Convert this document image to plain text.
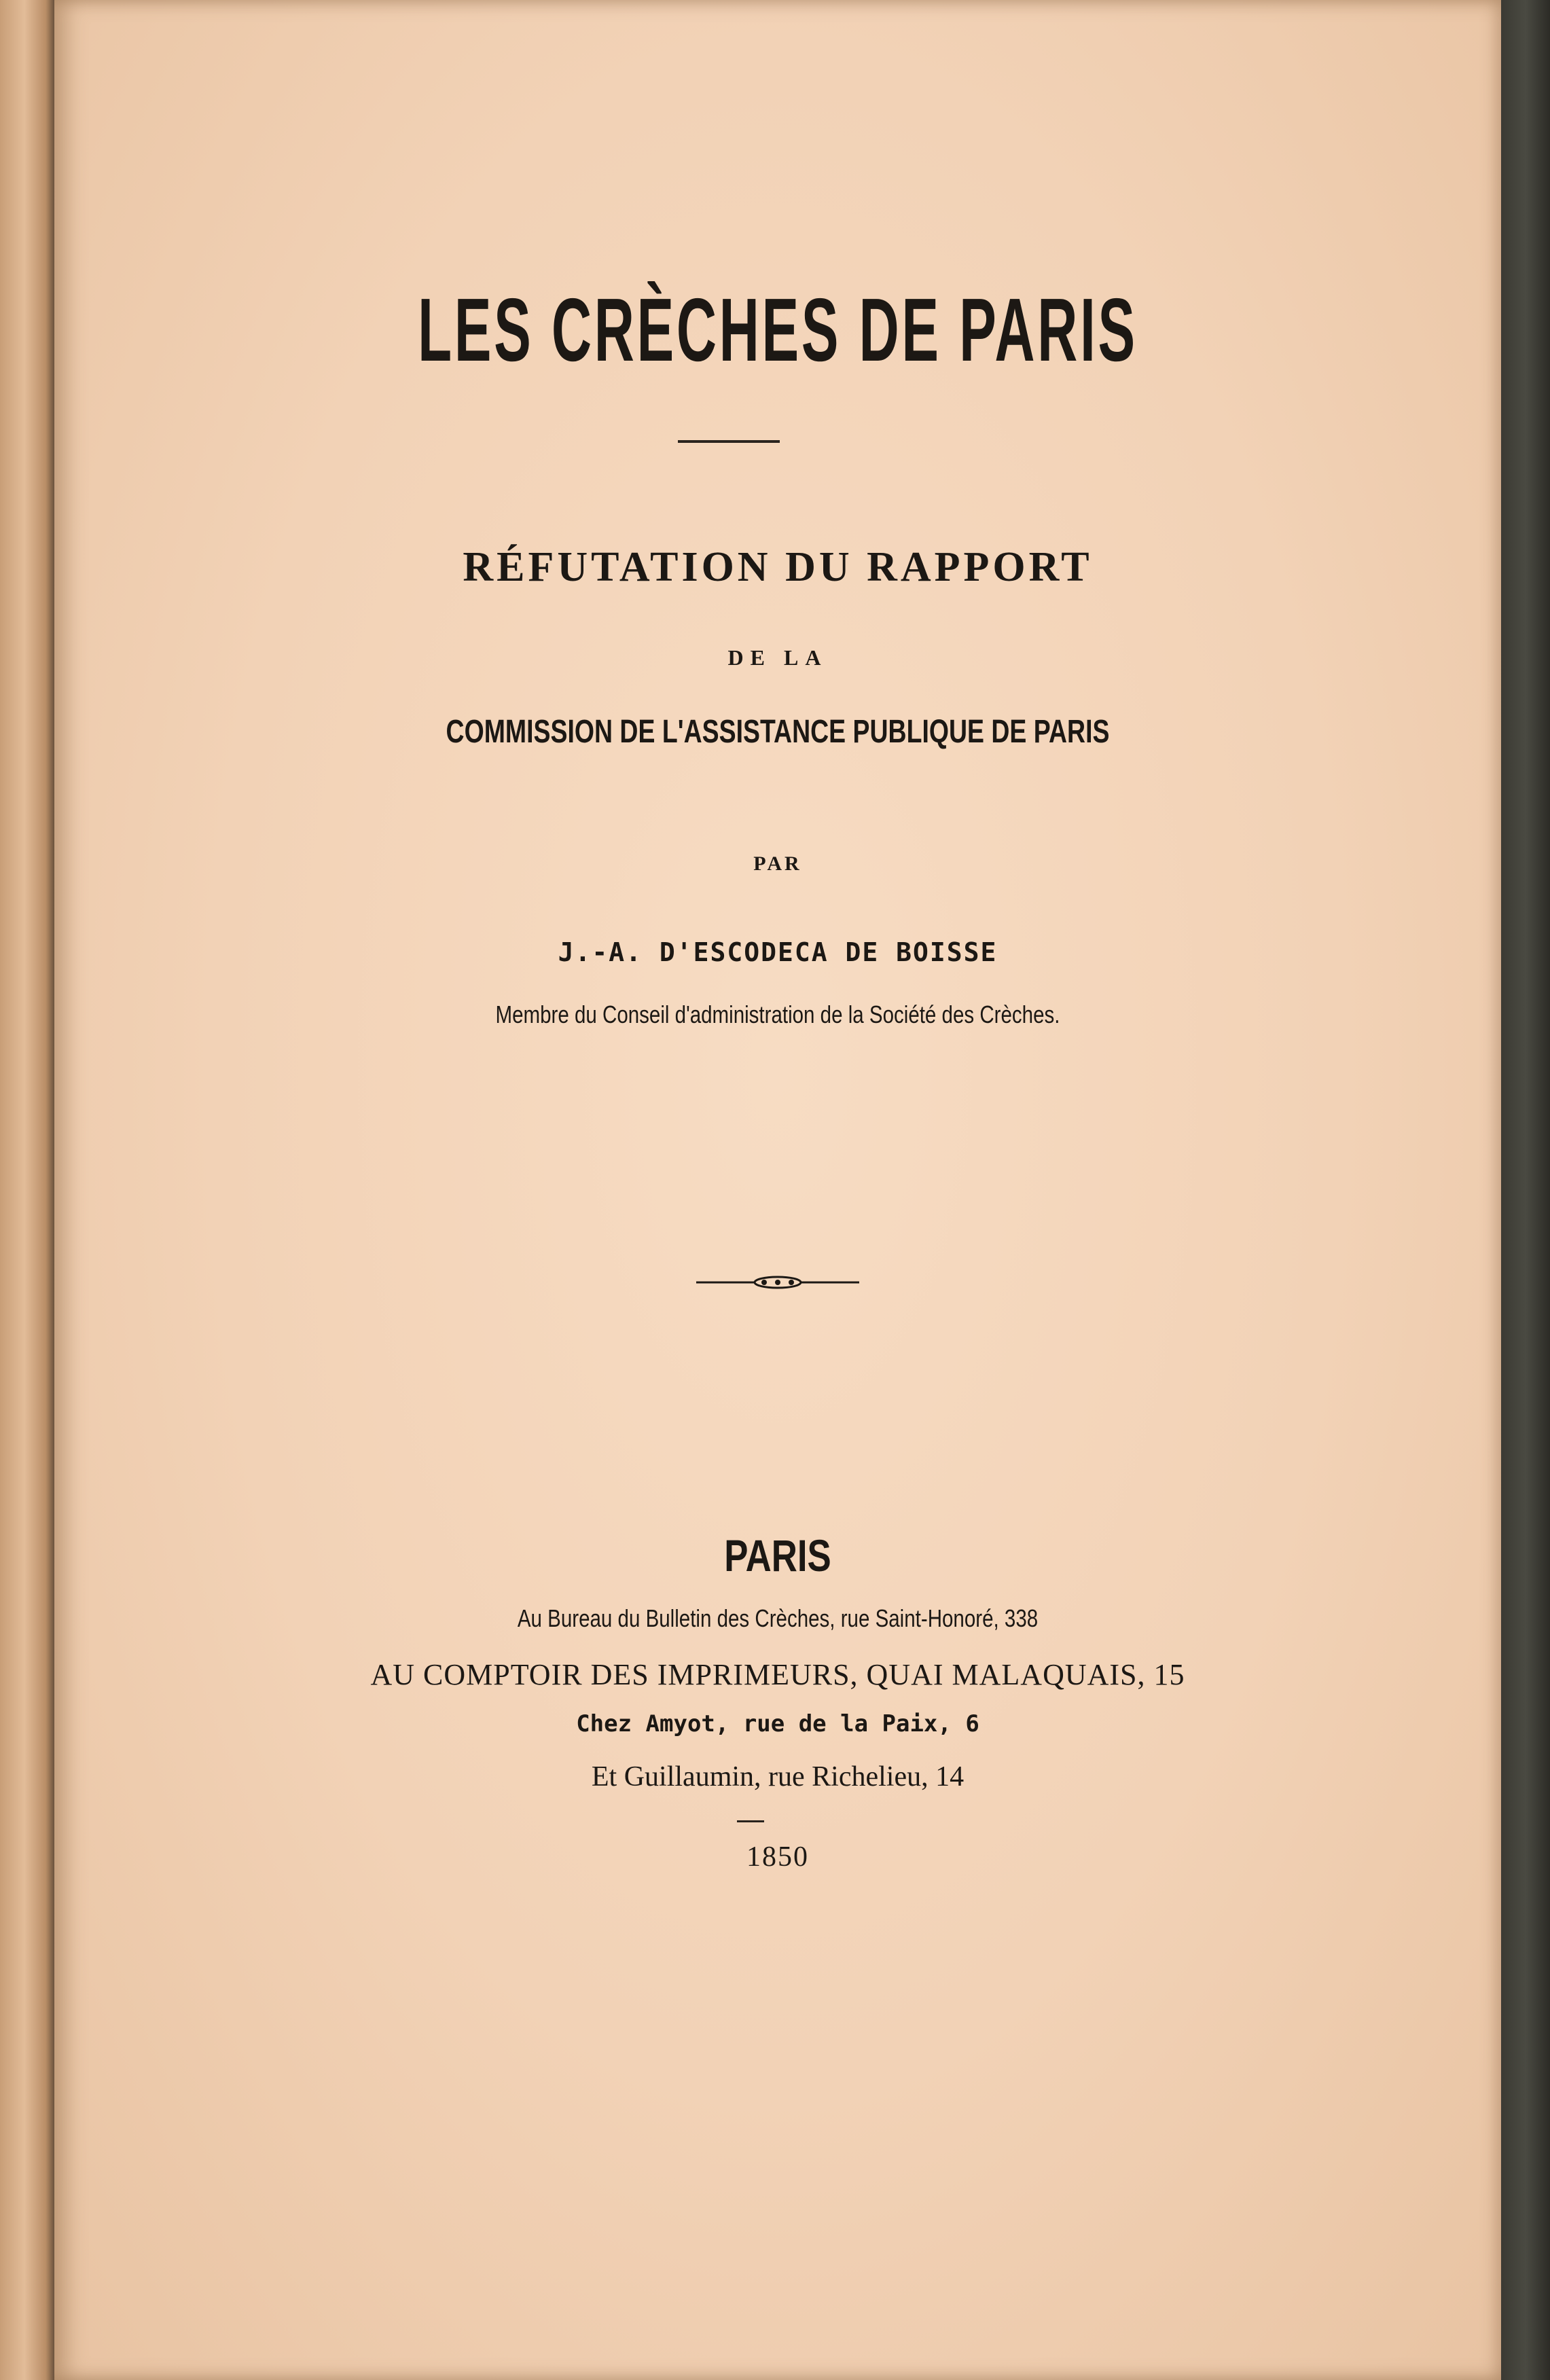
LES CRÈCHES DE PARIS
RÉFUTATION DU RAPPORT
DE LA
COMMISSION DE L'ASSISTANCE PUBLIQUE DE PARIS
PAR
J.-A. D'ESCODECA DE BOISSE
Membre du Conseil d'administration de la Société des Crèches.
PARIS
Au Bureau du Bulletin des Crèches, rue Saint-Honoré, 338
AU COMPTOIR DES IMPRIMEURS, QUAI MALAQUAIS, 15
Chez Amyot, rue de la Paix, 6
Et Guillaumin, rue Richelieu, 14
1850
